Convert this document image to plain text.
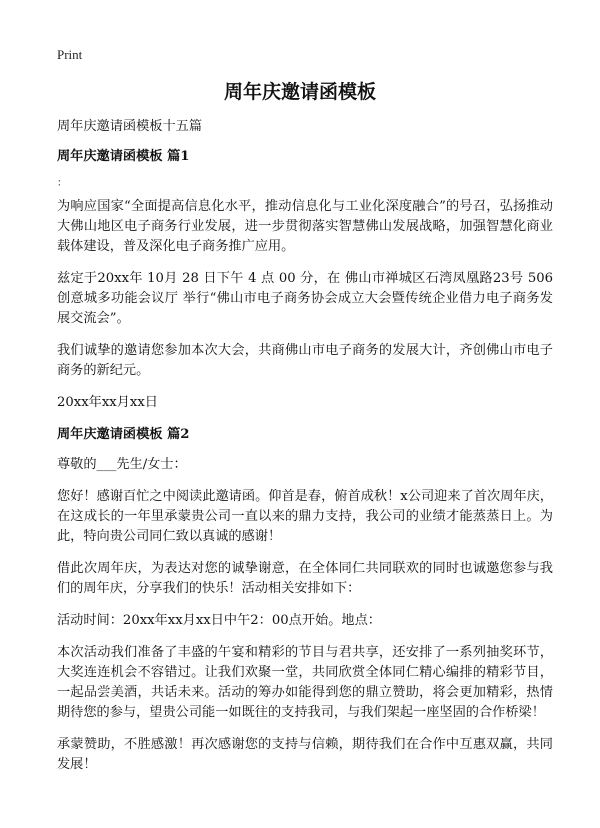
Print
周年庆邀请函模板

周年庆邀请函模板十五篇

周年庆邀请函模板 篇1

：

为响应国家“全面提高信息化水平，推动信息化与工业化深度融合”的号召，弘扬推动大佛山地区电子商务行业发展，进一步贯彻落实智慧佛山发展战略，加强智慧化商业载体建设，普及深化电子商务推广应用。

兹定于20xx年 10月 28 日下午 4 点 00 分，在 佛山市禅城区石湾凤凰路23号 506创意城多功能会议厅 举行“佛山市电子商务协会成立大会暨传统企业借力电子商务发展交流会”。

我们诚挚的邀请您参加本次大会，共商佛山市电子商务的发展大计，齐创佛山市电子商务的新纪元。

20xx年xx月xx日

周年庆邀请函模板 篇2

尊敬的___先生/女士：

您好！感谢百忙之中阅读此邀请函。仰首是春，俯首成秋！x公司迎来了首次周年庆，在这成长的一年里承蒙贵公司一直以来的鼎力支持，我公司的业绩才能蒸蒸日上。为此，特向贵公司同仁致以真诚的感谢！

借此次周年庆，为表达对您的诚挚谢意，在全体同仁共同联欢的同时也诚邀您参与我们的周年庆，分享我们的快乐！活动相关安排如下：

活动时间：20xx年xx月xx日中午2：00点开始。地点：

本次活动我们准备了丰盛的午宴和精彩的节目与君共享，还安排了一系列抽奖环节，大奖连连机会不容错过。让我们欢聚一堂，共同欣赏全体同仁精心编排的精彩节目，一起品尝美酒，共话未来。活动的筹办如能得到您的鼎立赞助，将会更加精彩，热情期待您的参与，望贵公司能一如既往的支持我司，与我们架起一座坚固的合作桥梁！

承蒙赞助，不胜感激！再次感谢您的支持与信赖，期待我们在合作中互惠双赢，共同发展！
